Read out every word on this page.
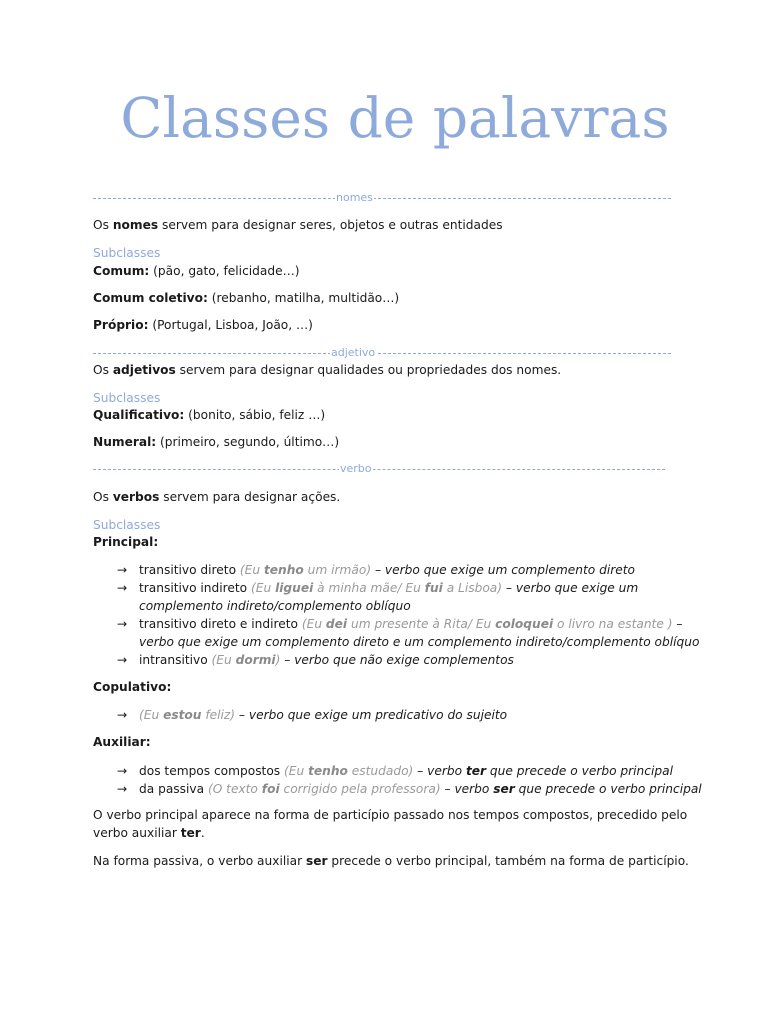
Classes de palavras
nomes
Os nomes servem para designar seres, objetos e outras entidades
Subclasses
Comum: (pão, gato, felicidade…)
Comum coletivo: (rebanho, matilha, multidão…)
Próprio: (Portugal, Lisboa, João, …)
adjetivo
Os adjetivos servem para designar qualidades ou propriedades dos nomes.
Subclasses
Qualificativo: (bonito, sábio, feliz …)
Numeral: (primeiro, segundo, último…)
verbo
Os verbos servem para designar ações.
Subclasses
Principal:
→ transitivo direto (Eu tenho um irmão) – verbo que exige um complemento direto
→ transitivo indireto (Eu liguei à minha mãe/ Eu fui a Lisboa) – verbo que exige um
complemento indireto/complemento oblíquo
→ transitivo direto e indireto (Eu dei um presente à Rita/ Eu coloquei o livro na estante ) –
verbo que exige um complemento direto e um complemento indireto/complemento oblíquo
→ intransitivo (Eu dormi) – verbo que não exige complementos
Copulativo:
→ (Eu estou feliz) – verbo que exige um predicativo do sujeito
Auxiliar:
→ dos tempos compostos (Eu tenho estudado) – verbo ter que precede o verbo principal
→ da passiva (O texto foi corrigido pela professora) – verbo ser que precede o verbo principal
O verbo principal aparece na forma de particípio passado nos tempos compostos, precedido pelo
verbo auxiliar ter.
Na forma passiva, o verbo auxiliar ser precede o verbo principal, também na forma de particípio.
